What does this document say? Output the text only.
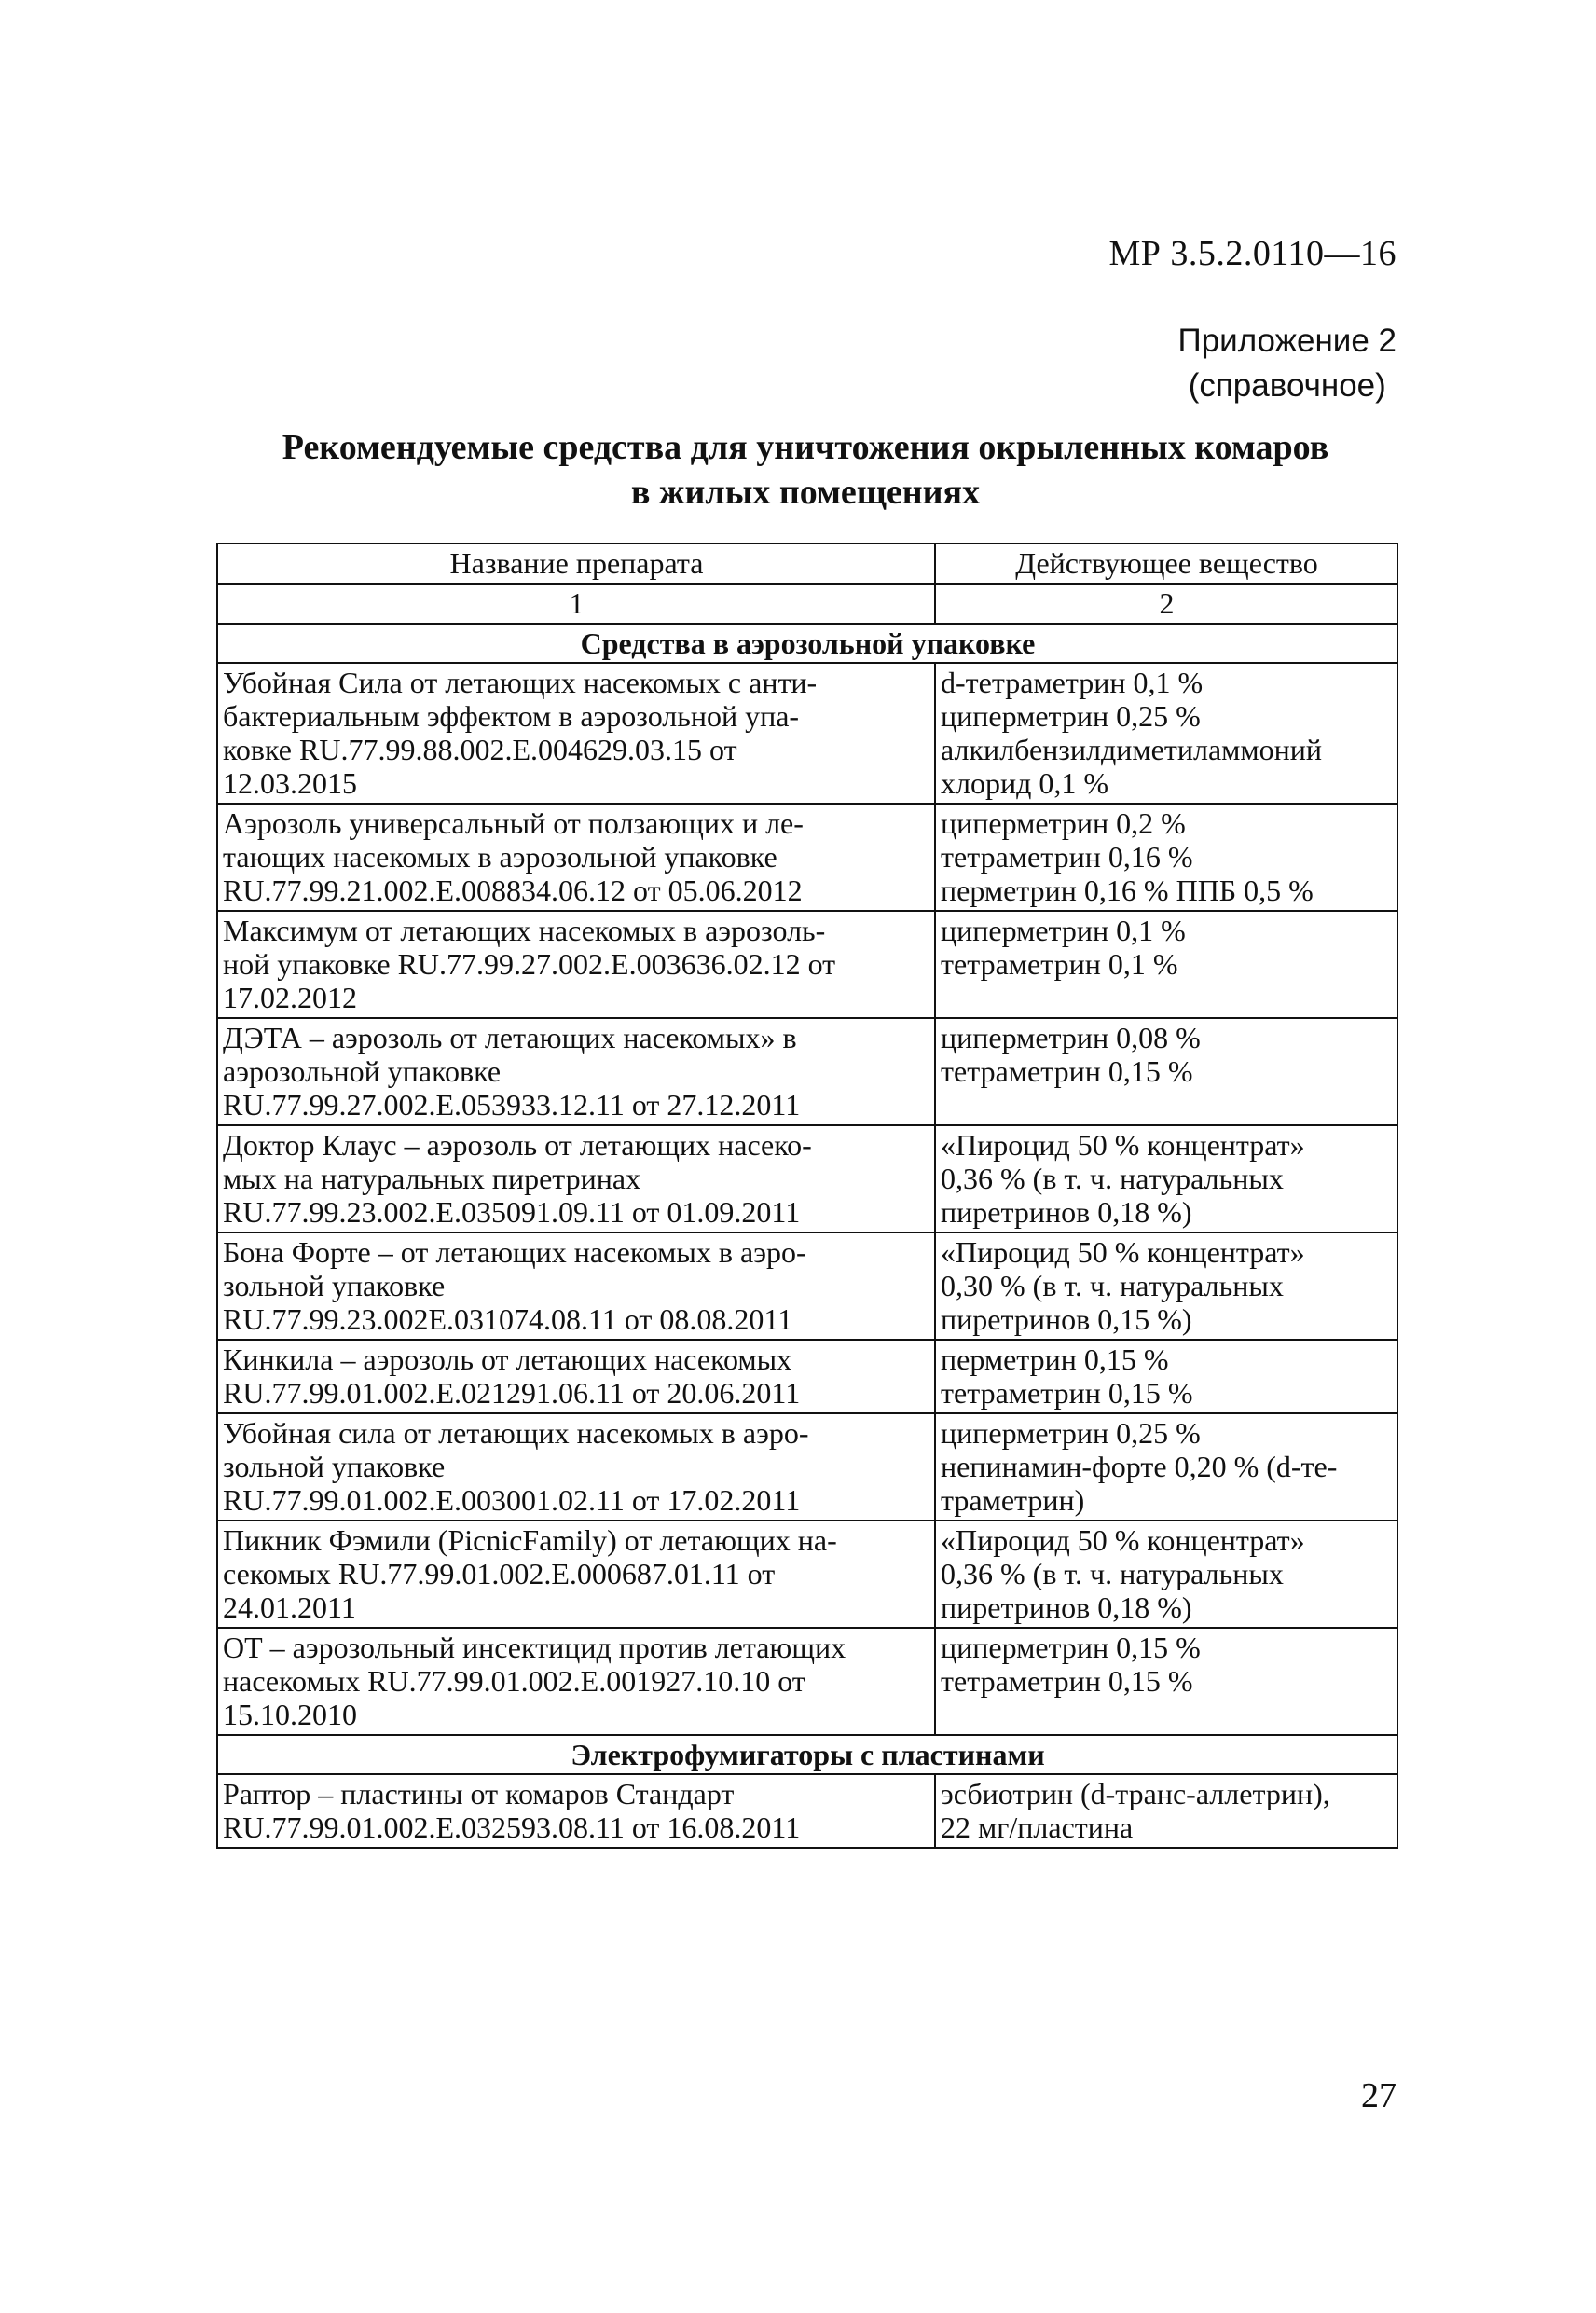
МР 3.5.2.0110—16
Приложение 2
(справочное)
Рекомендуемые средства для уничтожения окрыленных комаров
в жилых помещениях
Название препарата	Действующее вещество
1	2
Средства в аэрозольной упаковке	

Убойная Сила от летающих насекомых с анти-
бактериальным эффектом в аэрозольной упа-
ковке RU.77.99.88.002.E.004629.03.15 от
12.03.2015	d-тетраметрин 0,1 %
циперметрин 0,25 %
алкилбензилдиметиламмоний
хлорид 0,1 %

Аэрозоль универсальный от ползающих и ле-
тающих насекомых в аэрозольной упаковке
RU.77.99.21.002.E.008834.06.12 от 05.06.2012	циперметрин 0,2 %
тетраметрин 0,16 %
перметрин 0,16 % ППБ 0,5 %

Максимум от летающих насекомых в аэрозоль-
ной упаковке RU.77.99.27.002.E.003636.02.12 от
17.02.2012	циперметрин 0,1 %
тетраметрин 0,1 %

ДЭТА – аэрозоль от летающих насекомых» в
аэрозольной упаковке
RU.77.99.27.002.E.053933.12.11 от 27.12.2011	циперметрин 0,08 %
тетраметрин 0,15 %

Доктор Клаус – аэрозоль от летающих насеко-
мых на натуральных пиретринах
RU.77.99.23.002.E.035091.09.11 от 01.09.2011	«Пироцид 50 % концентрат»
0,36 % (в т. ч. натуральных
пиретринов 0,18 %)

Бона Форте – от летающих насекомых в аэро-
зольной упаковке
RU.77.99.23.002E.031074.08.11 от 08.08.2011	«Пироцид 50 % концентрат»
0,30 % (в т. ч. натуральных
пиретринов 0,15 %)

Кинкила – аэрозоль от летающих насекомых
RU.77.99.01.002.E.021291.06.11 от 20.06.2011	перметрин 0,15 %
тетраметрин 0,15 %

Убойная сила от летающих насекомых в аэро-
зольной упаковке
RU.77.99.01.002.E.003001.02.11 от 17.02.2011	циперметрин 0,25 %
непинамин-форте 0,20 % (d-те-
траметрин)

Пикник Фэмили (PicnicFamily) от летающих на-
секомых RU.77.99.01.002.E.000687.01.11 от
24.01.2011	«Пироцид 50 % концентрат»
0,36 % (в т. ч. натуральных
пиретринов 0,18 %)

ОТ – аэрозольный инсектицид против летающих
насекомых RU.77.99.01.002.E.001927.10.10 от
15.10.2010	циперметрин 0,15 %
тетраметрин 0,15 %

Электрофумигаторы с пластинами	

Раптор – пластины от комаров Стандарт
RU.77.99.01.002.E.032593.08.11 от 16.08.2011	эсбиотрин (d-транс-аллетрин),
22 мг/пластина
27
